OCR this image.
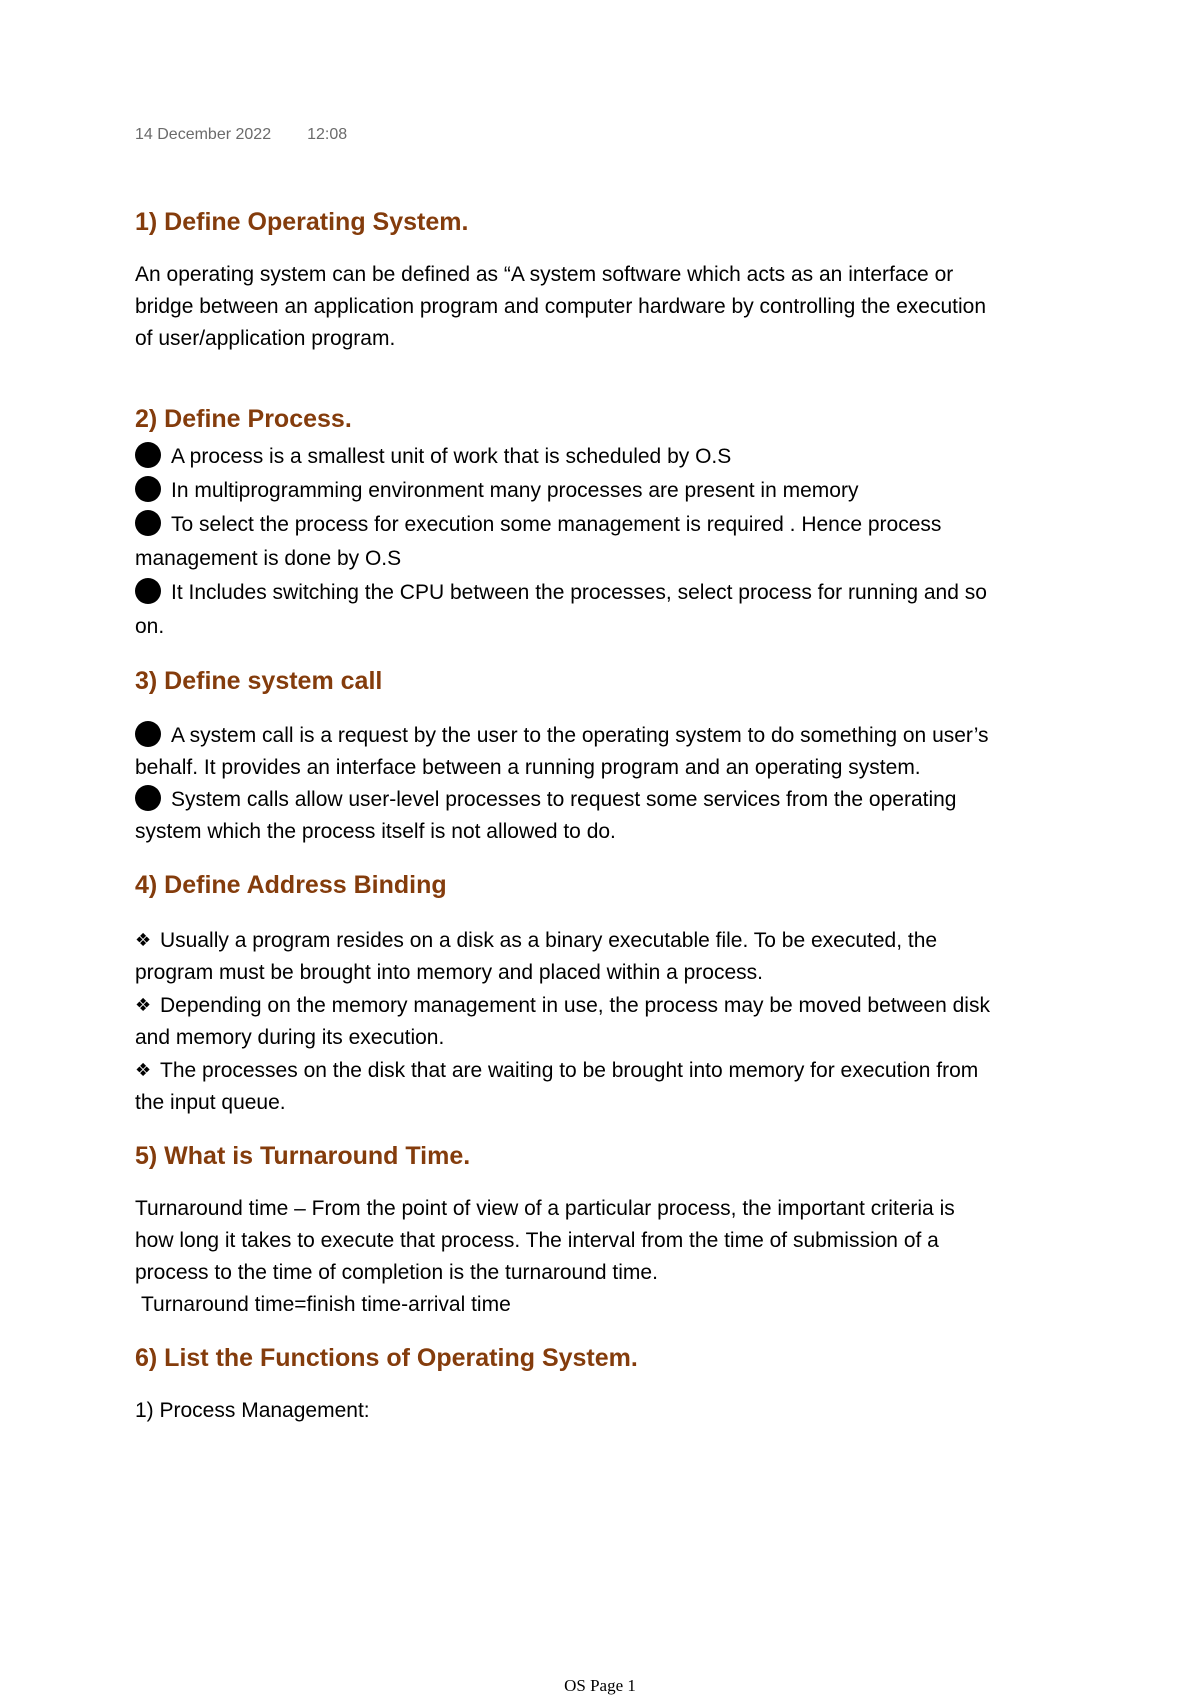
14 December 2022 12:08
1) Define Operating System.

An operating system can be defined as “A system software which acts as an interface or bridge between an application program and computer hardware by controlling the execution of user/application program.

2) Define Process.

A process is a smallest unit of work that is scheduled by O.S

In multiprogramming environment many processes are present in memory

To select the process for execution some management is required . Hence process management is done by O.S

It Includes switching the CPU between the processes, select process for running and so on.

3) Define system call

A system call is a request by the user to the operating system to do something on user’s behalf. It provides an interface between a running program and an operating system.

System calls allow user-level processes to request some services from the operating system which the process itself is not allowed to do.

4) Define Address Binding

❖ Usually a program resides on a disk as a binary executable file. To be executed, the program must be brought into memory and placed within a process.

❖ Depending on the memory management in use, the process may be moved between disk and memory during its execution.

❖ The processes on the disk that are waiting to be brought into memory for execution from the input queue.

5) What is Turnaround Time.

Turnaround time – From the point of view of a particular process, the important criteria is how long it takes to execute that process. The interval from the time of submission of a process to the time of completion is the turnaround time.

Turnaround time=finish time-arrival time

6) List the Functions of Operating System.

1) Process Management:

OS Page 1
